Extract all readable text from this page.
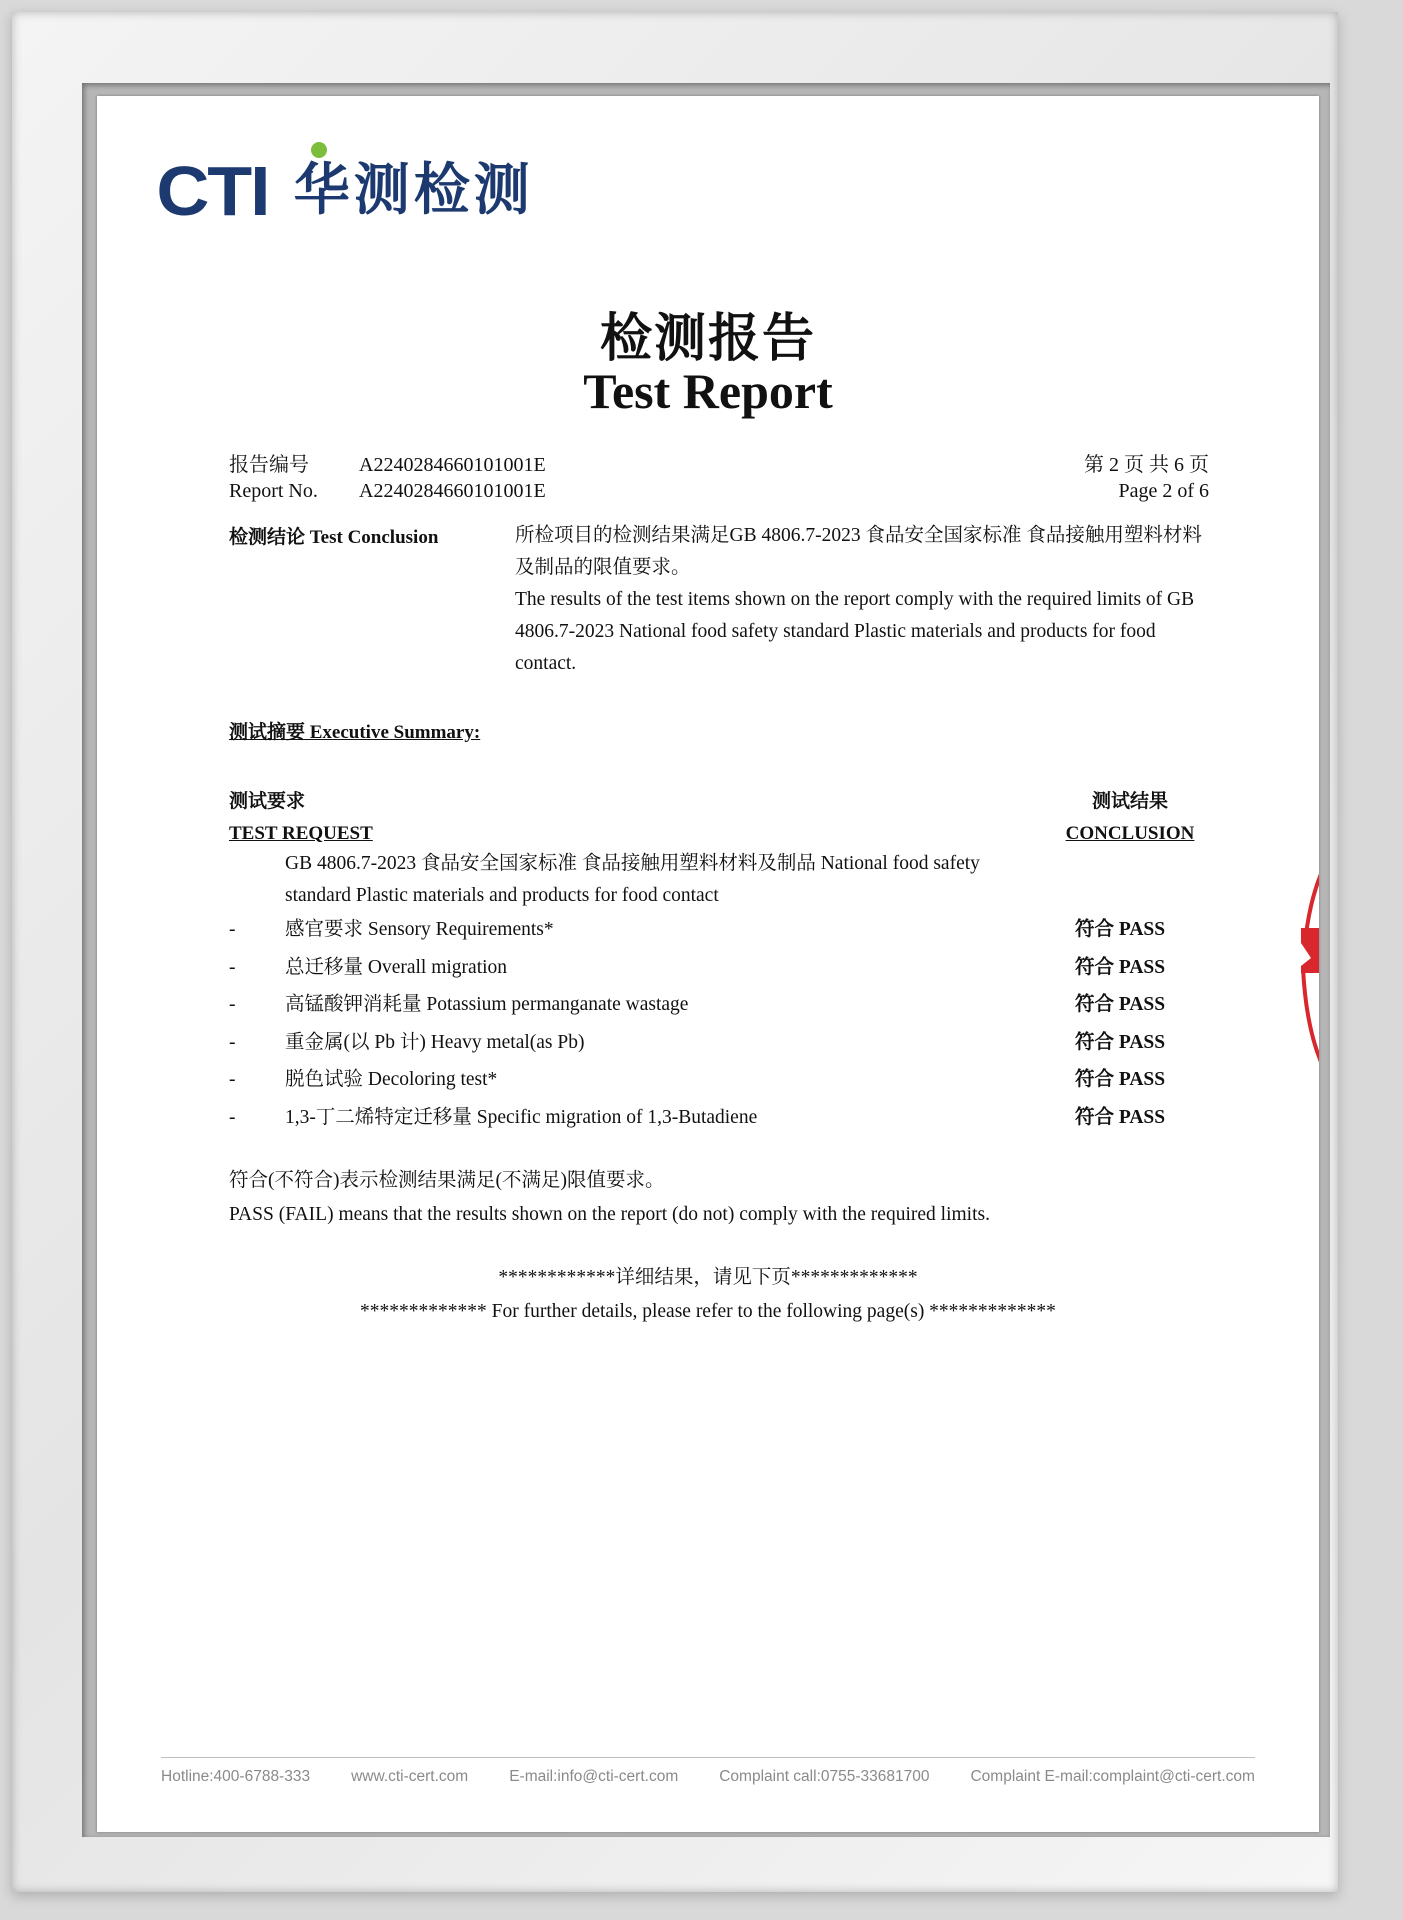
CTI 华测检测
检测报告
Test Report
报告编号	A2240284660101001E
Report No.	A2240284660101001E
第 2 页 共 6 页
Page 2 of 6
检测结论 Test Conclusion	所检项目的检测结果满足GB 4806.7-2023 食品安全国家标准 食品接触用塑料材料及制品的限值要求。
The results of the test items shown on the report comply with the required limits of GB 4806.7-2023 National food safety standard Plastic materials and products for food contact.
测试摘要 Executive Summary:
测试要求
TEST REQUEST
测试结果
CONCLUSION
GB 4806.7-2023 食品安全国家标准 食品接触用塑料材料及制品 National food safety standard Plastic materials and products for food contact
-	感官要求 Sensory Requirements*	符合 PASS
-	总迁移量 Overall migration	符合 PASS
-	高锰酸钾消耗量 Potassium permanganate wastage	符合 PASS
-	重金属(以 Pb 计) Heavy metal(as Pb)	符合 PASS
-	脱色试验 Decoloring test*	符合 PASS
-	1,3-丁二烯特定迁移量 Specific migration of 1,3-Butadiene	符合 PASS
符合(不符合)表示检测结果满足(不满足)限值要求。
PASS (FAIL) means that the results shown on the report (do not) comply with the required limits.
************详细结果，请见下页*************
************* For further details, please refer to the following page(s) *************
Hotline:400-6788-333	www.cti-cert.com	E-mail:info@cti-cert.com	Complaint call:0755-33681700	Complaint E-mail:complaint@cti-cert.com
